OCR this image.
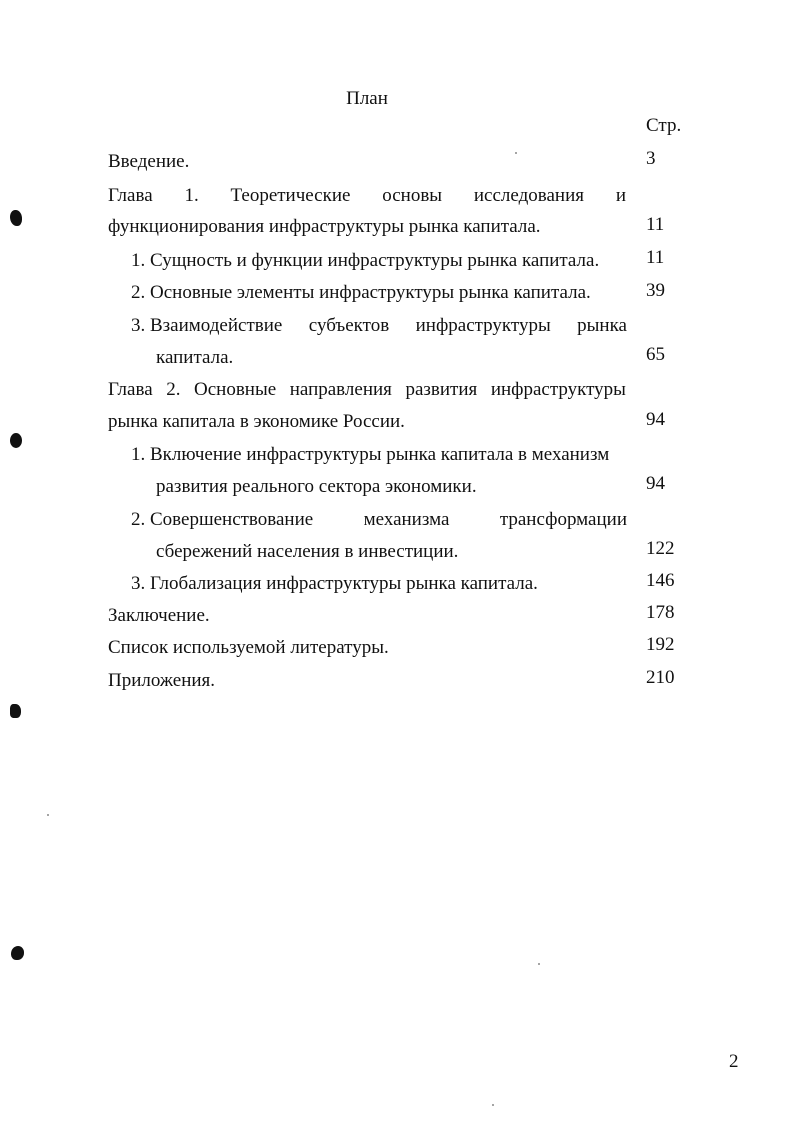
План
Стр.
Введение.	3
Глава 1. Теоретические основы исследования и
функционирования инфраструктуры рынка капитала.	11
1. Сущность и функции инфраструктуры рынка капитала. 11
2. Основные элементы инфраструктуры рынка капитала.	39
3. Взаимодействие субъектов инфраструктуры рынка
капитала.	65
Глава 2. Основные направления развития инфраструктуры
рынка капитала в экономике России.	94
1. Включение инфраструктуры рынка капитала в механизм
развития реального сектора экономики.	94
2. Совершенствование	механизма	трансформации
сбережений населения в инвестиции.	122
3. Глобализация инфраструктуры рынка капитала.	146
Заключение.	178
Список используемой литературы.	192
Приложения.	210
2
